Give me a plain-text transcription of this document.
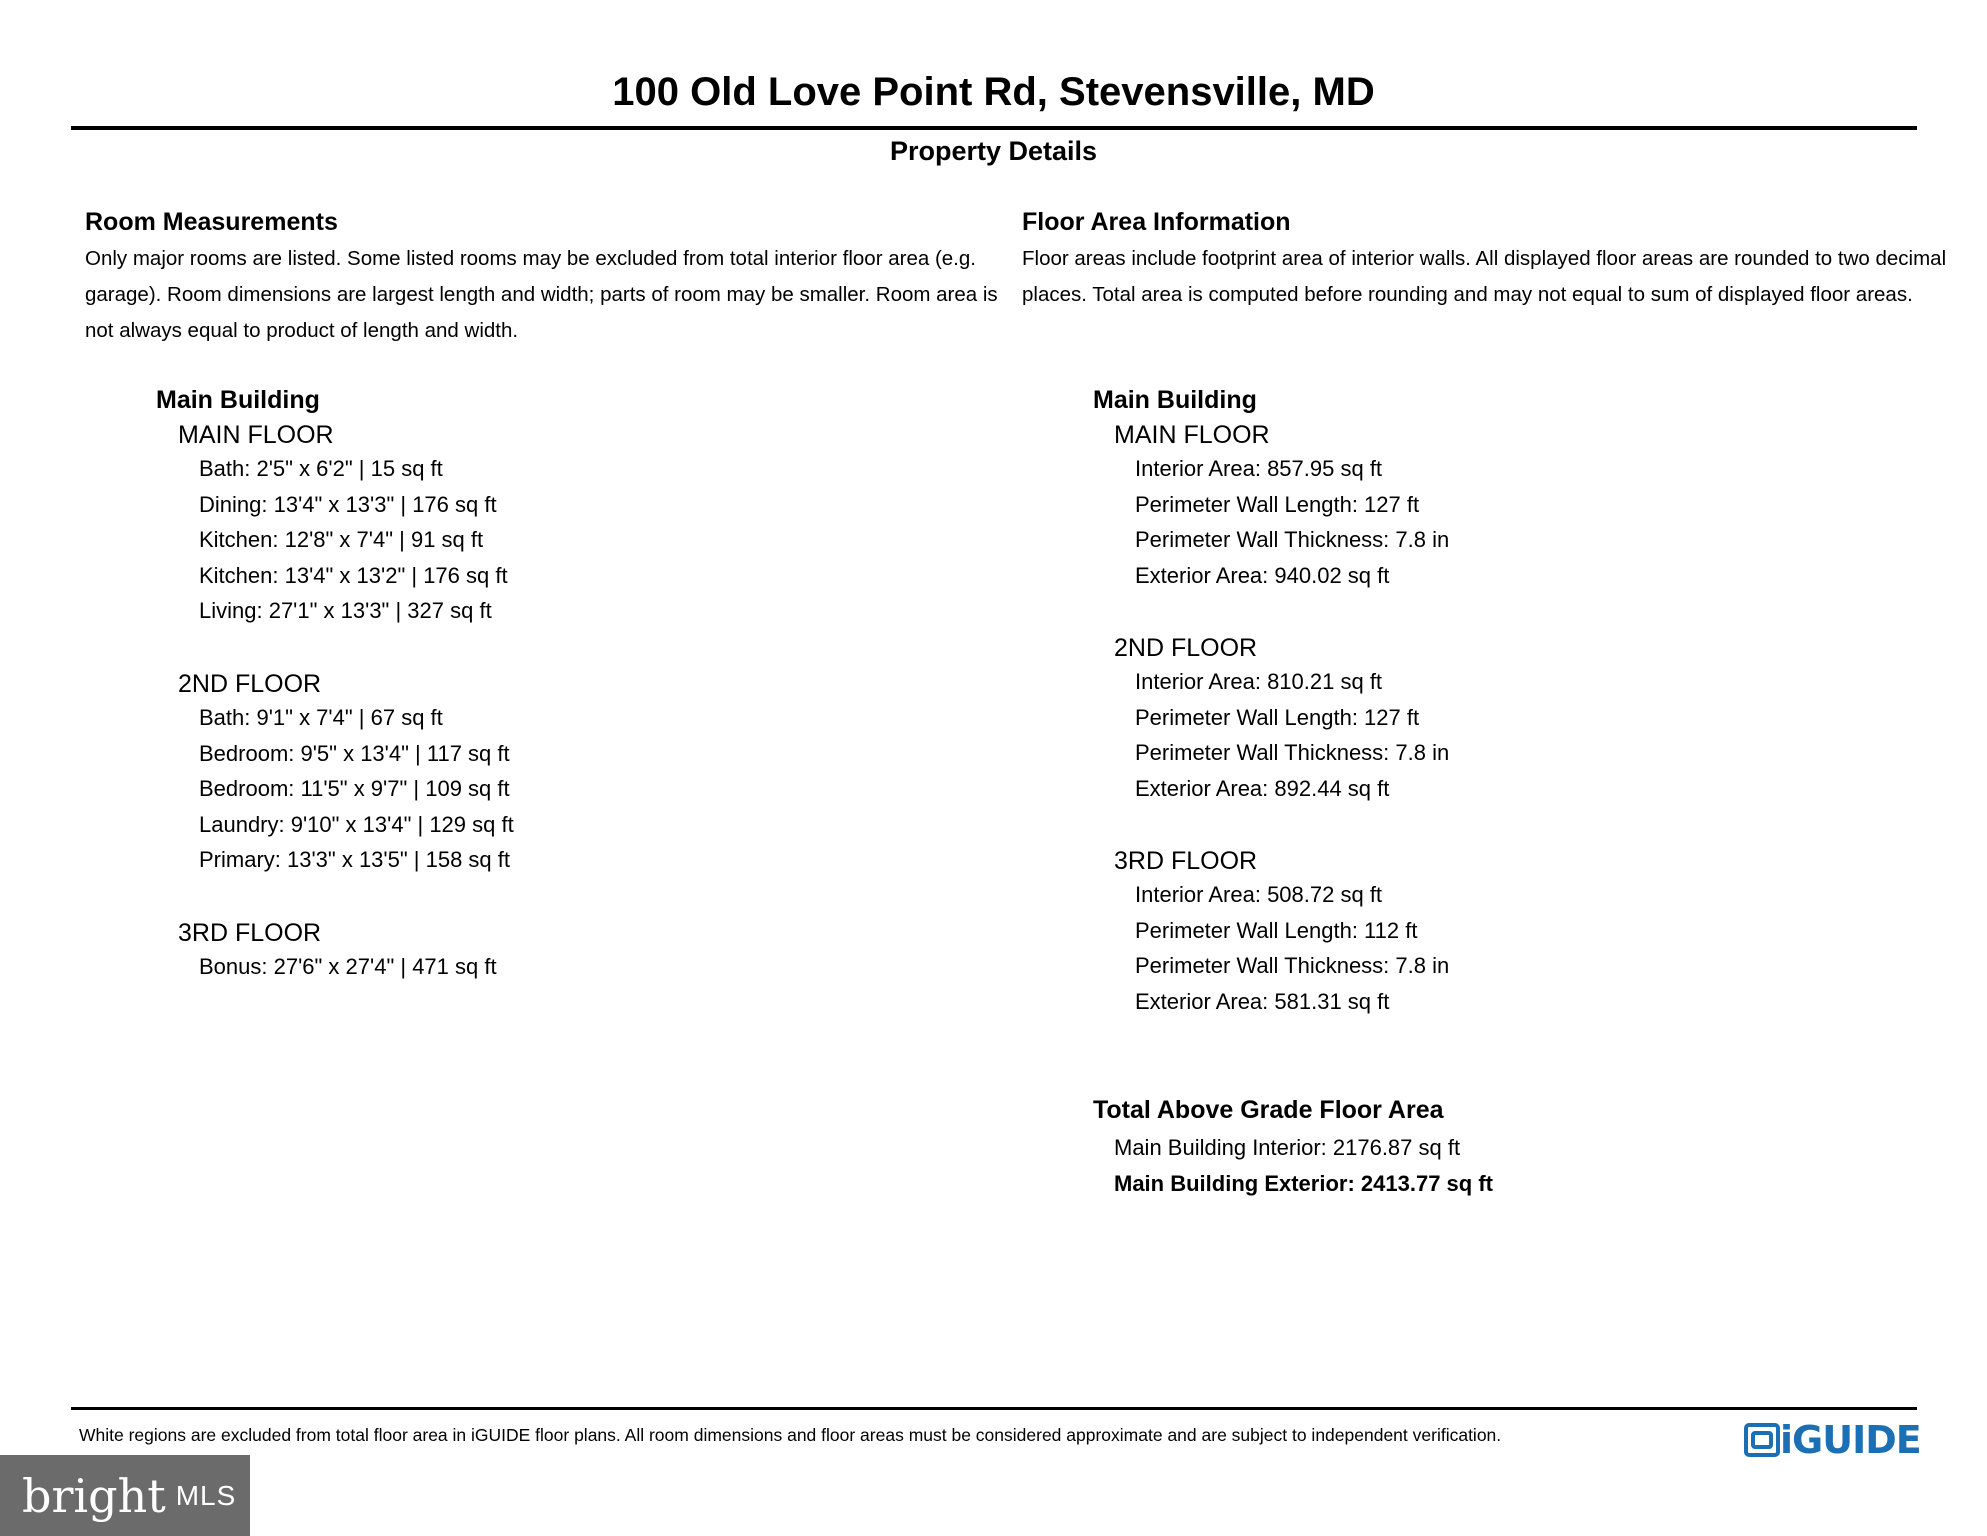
100 Old Love Point Rd, Stevensville, MD
Property Details
Room Measurements
Only major rooms are listed. Some listed rooms may be excluded from total interior floor area (e.g. garage). Room dimensions are largest length and width; parts of room may be smaller. Room area is not always equal to product of length and width.
Main Building
MAIN FLOOR
Bath: 2'5" x 6'2" | 15 sq ft
Dining: 13'4" x 13'3" | 176 sq ft
Kitchen: 12'8" x 7'4" | 91 sq ft
Kitchen: 13'4" x 13'2" | 176 sq ft
Living: 27'1" x 13'3" | 327 sq ft
2ND FLOOR
Bath: 9'1" x 7'4" | 67 sq ft
Bedroom: 9'5" x 13'4" | 117 sq ft
Bedroom: 11'5" x 9'7" | 109 sq ft
Laundry: 9'10" x 13'4" | 129 sq ft
Primary: 13'3" x 13'5" | 158 sq ft
3RD FLOOR
Bonus: 27'6" x 27'4" | 471 sq ft
Floor Area Information
Floor areas include footprint area of interior walls. All displayed floor areas are rounded to two decimal places. Total area is computed before rounding and may not equal to sum of displayed floor areas.
Main Building
MAIN FLOOR
Interior Area: 857.95 sq ft
Perimeter Wall Length: 127 ft
Perimeter Wall Thickness: 7.8 in
Exterior Area: 940.02 sq ft
2ND FLOOR
Interior Area: 810.21 sq ft
Perimeter Wall Length: 127 ft
Perimeter Wall Thickness: 7.8 in
Exterior Area: 892.44 sq ft
3RD FLOOR
Interior Area: 508.72 sq ft
Perimeter Wall Length: 112 ft
Perimeter Wall Thickness: 7.8 in
Exterior Area: 581.31 sq ft
Total Above Grade Floor Area
Main Building Interior: 2176.87 sq ft
Main Building Exterior: 2413.77 sq ft
White regions are excluded from total floor area in iGUIDE floor plans. All room dimensions and floor areas must be considered approximate and are subject to independent verification.	iGUIDE
bright MLS
